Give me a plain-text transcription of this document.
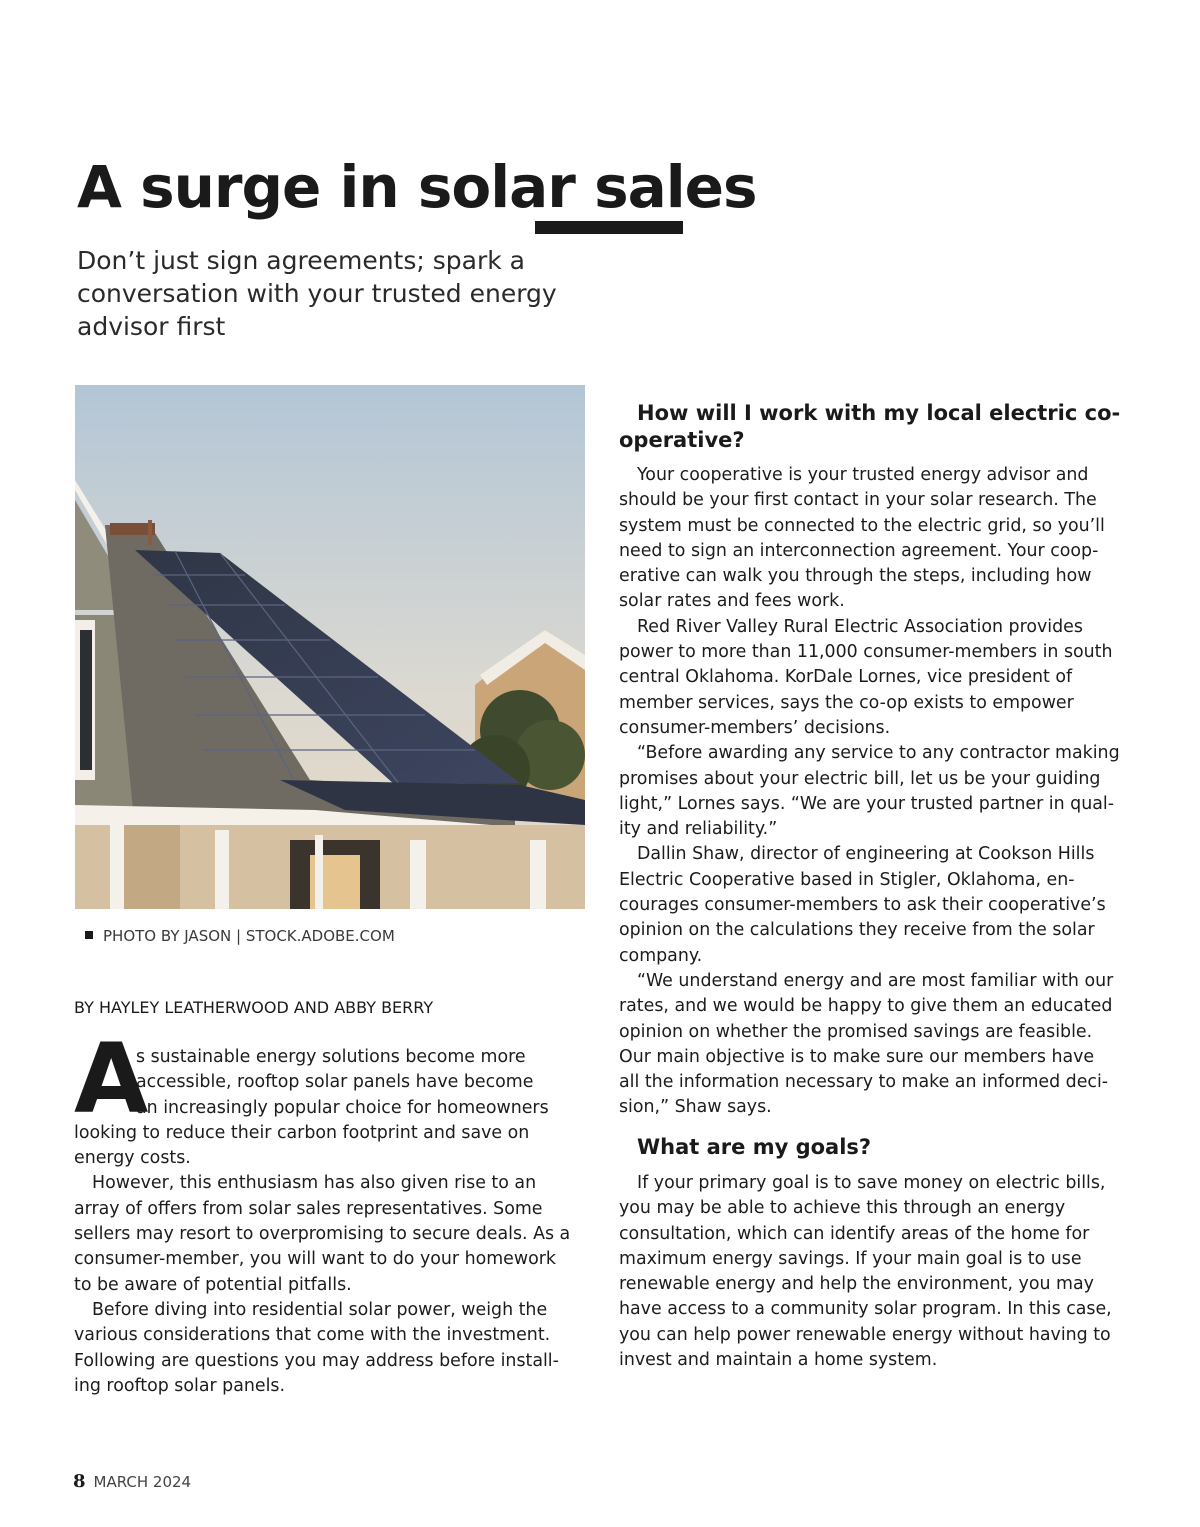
A surge in solar sales
Don’t just sign agreements; spark a
conversation with your trusted energy
advisor first
PHOTO BY JASON | STOCK.ADOBE.COM
BY HAYLEY LEATHERWOOD AND ABBY BERRY
A

s sustainable energy solutions become more

accessible, rooftop solar panels have become

an increasingly popular choice for homeowners

looking to reduce their carbon footprint and save on

energy costs.

However, this enthusiasm has also given rise to an

array of offers from solar sales representatives. Some

sellers may resort to overpromising to secure deals. As a

consumer-member, you will want to do your homework

to be aware of potential pitfalls.

Before diving into residential solar power, weigh the

various considerations that come with the investment.

Following are questions you may address before install-

ing rooftop solar panels.

How will I work with my local electric co-
operative?

Your cooperative is your trusted energy advisor and

should be your first contact in your solar research. The

system must be connected to the electric grid, so you’ll

need to sign an interconnection agreement. Your coop-

erative can walk you through the steps, including how

solar rates and fees work.

Red River Valley Rural Electric Association provides

power to more than 11,000 consumer-members in south

central Oklahoma. KorDale Lornes, vice president of

member services, says the co-op exists to empower

consumer-members’ decisions.

“Before awarding any service to any contractor making

promises about your electric bill, let us be your guiding

light,” Lornes says. “We are your trusted partner in qual-

ity and reliability.”

Dallin Shaw, director of engineering at Cookson Hills

Electric Cooperative based in Stigler, Oklahoma, en-

courages consumer-members to ask their cooperative’s

opinion on the calculations they receive from the solar

company.

“We understand energy and are most familiar with our

rates, and we would be happy to give them an educated

opinion on whether the promised savings are feasible.

Our main objective is to make sure our members have

all the information necessary to make an informed deci-

sion,” Shaw says.

What are my goals?

If your primary goal is to save money on electric bills,

you may be able to achieve this through an energy

consultation, which can identify areas of the home for

maximum energy savings. If your main goal is to use

renewable energy and help the environment, you may

have access to a community solar program. In this case,

you can help power renewable energy without having to

invest and maintain a home system.

8 MARCH 2024
